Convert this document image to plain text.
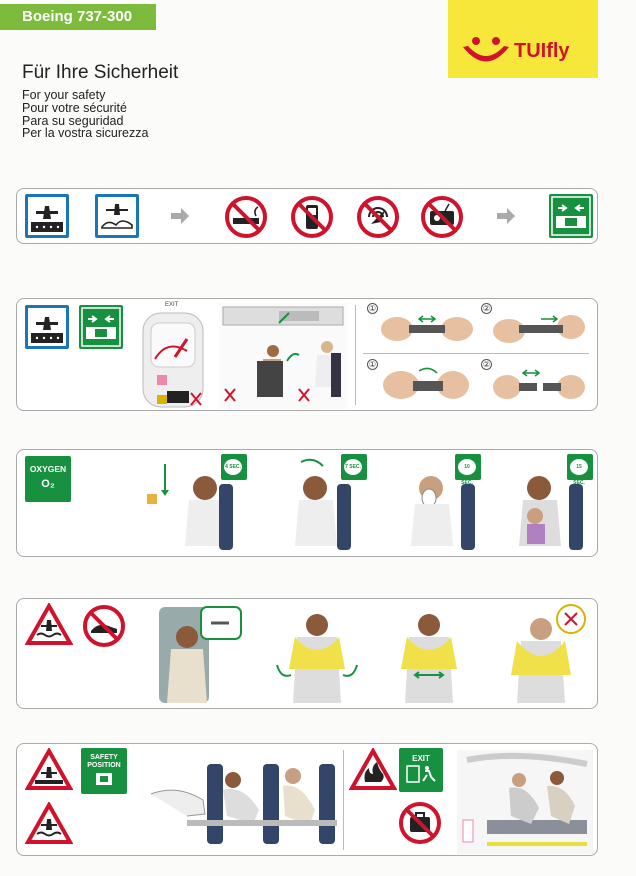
Boeing 737-300
TUIfly
Für Ihre Sicherheit
For your safety
Pour votre sécurité
Para su seguridad
Per la vostra sicurezza
EXIT	①	②
①	②
OXYGEN
O₂
4 SEC.	7 SEC.	10 SEC.
15 SEC.
SAFETY POSITION
EXIT
